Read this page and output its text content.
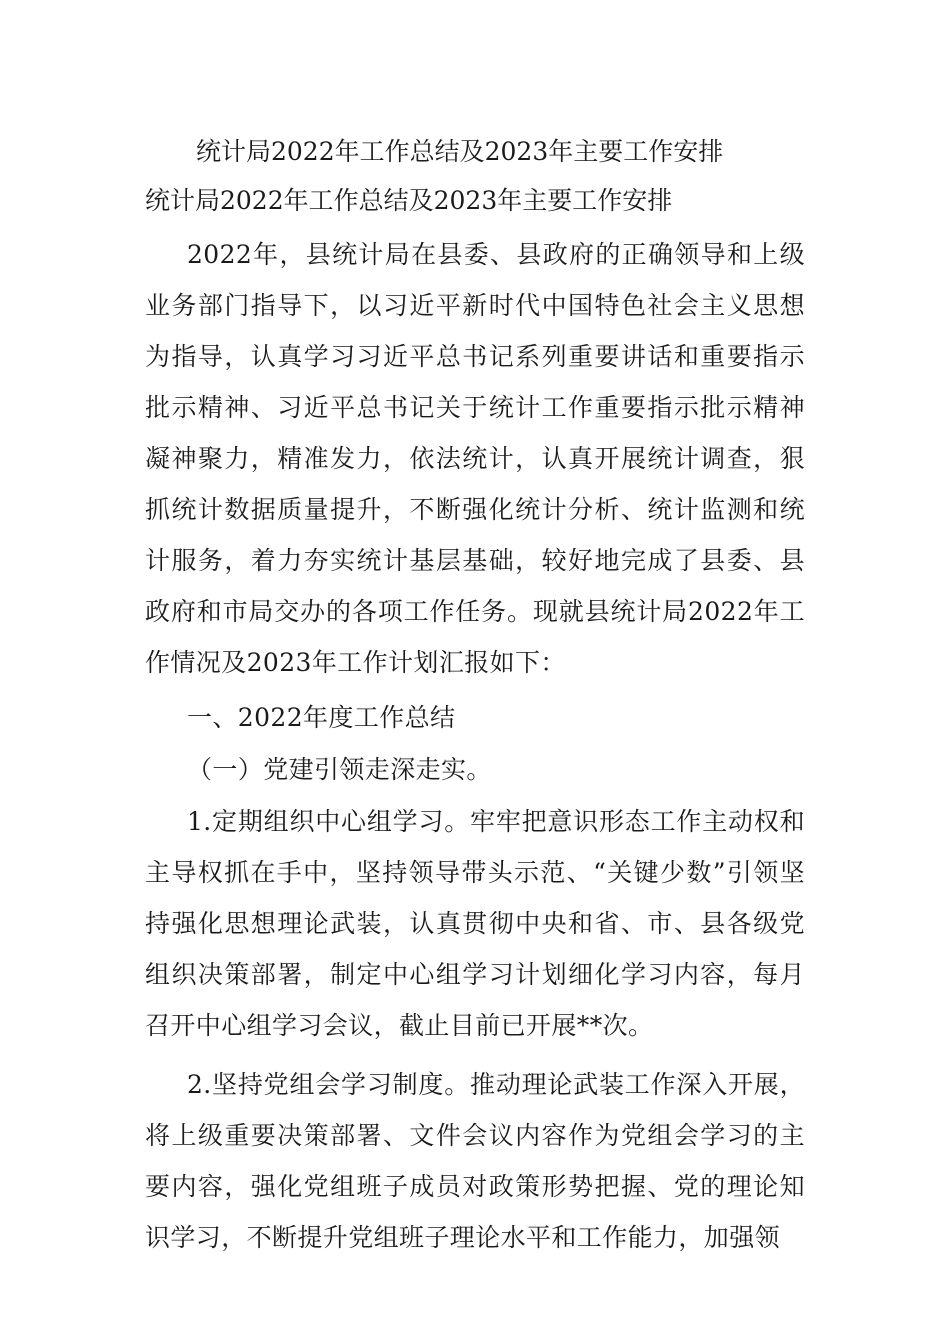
统计局2022年工作总结及2023年主要工作安排
统计局2022年工作总结及2023年主要工作安排

2022年，县统计局在县委、县政府的正确领导和上级业务部门指导下，以习近平新时代中国特色社会主义思想为指导，认真学习习近平总书记系列重要讲话和重要指示批示精神、习近平总书记关于统计工作重要指示批示精神凝神聚力，精准发力，依法统计，认真开展统计调查，狠抓统计数据质量提升，不断强化统计分析、统计监测和统计服务，着力夯实统计基层基础，较好地完成了县委、县政府和市局交办的各项工作任务。现就县统计局2022年工作情况及2023年工作计划汇报如下：

一、2022年度工作总结

（一）党建引领走深走实。

1.定期组织中心组学习。牢牢把意识形态工作主动权和主导权抓在手中，坚持领导带头示范、“关键少数”引领坚持强化思想理论武装，认真贯彻中央和省、市、县各级党组织决策部署，制定中心组学习计划细化学习内容，每月召开中心组学习会议，截止目前已开展**次。

2.坚持党组会学习制度。推动理论武装工作深入开展，将上级重要决策部署、文件会议内容作为党组会学习的主要内容，强化党组班子成员对政策形势把握、党的理论知识学习，不断提升党组班子理论水平和工作能力，加强领
